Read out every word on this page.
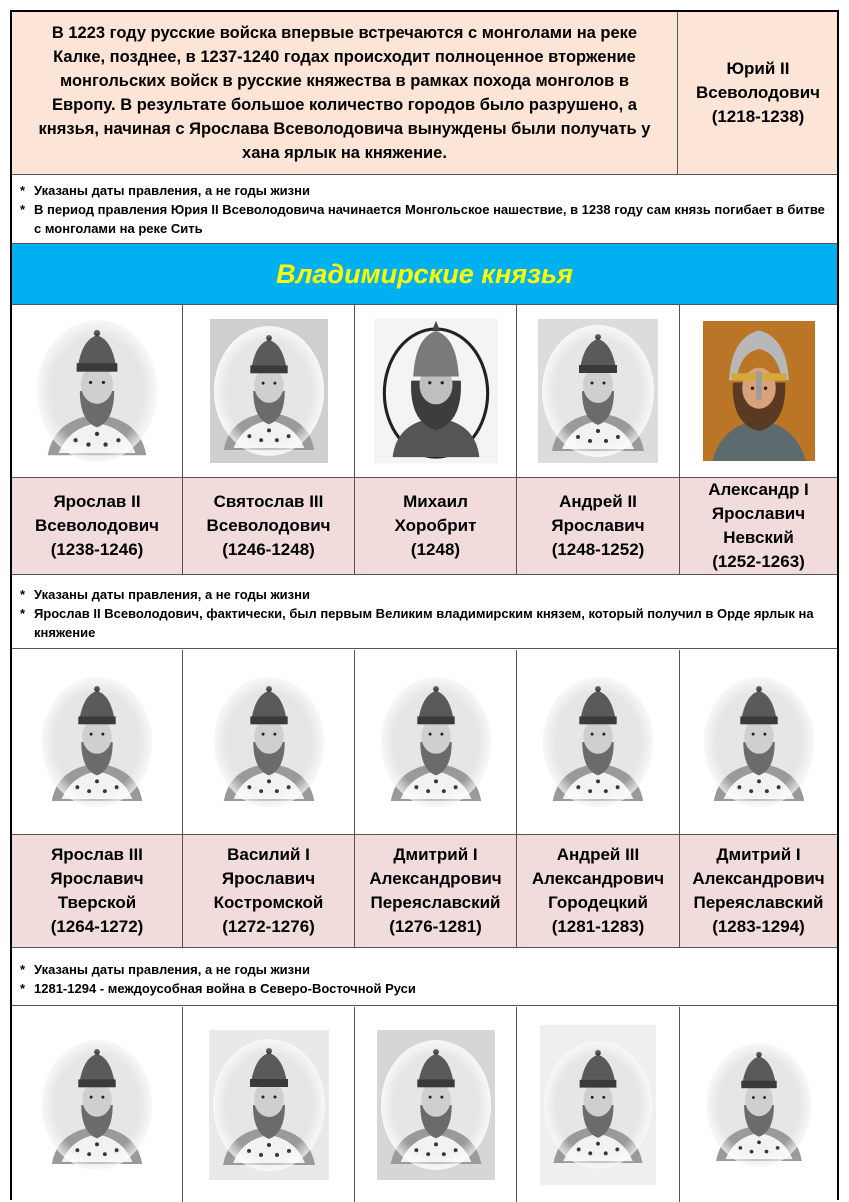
В 1223 году русские войска впервые встречаются с монголами на реке Калке, позднее, в 1237-1240 годах происходит полноценное вторжение монгольских войск в русские княжества в рамках похода монголов в Европу. В результате большое количество городов было разрушено, а князья, начиная с Ярослава Всеволодовича вынуждены были получать у хана ярлык на княжение.
Юрий II
Всеволодович
(1218-1238)
* Указаны даты правления, а не годы жизни
* В период правления Юрия II Всеволодовича начинается Монгольское нашествие, в 1238 году сам князь погибает в битве с монголами на реке Сить
Владимирские князья
Ярослав II
Всеволодович
(1238-1246)
Святослав III
Всеволодович
(1246-1248)
Михаил
Хоробрит
(1248)
Андрей II
Ярославич
(1248-1252)
Александр I
Ярославич
Невский
(1252-1263)
* Указаны даты правления, а не годы жизни
* Ярослав II Всеволодович, фактически, был первым Великим владимирским князем, который получил в Орде ярлык на княжение
Ярослав III
Ярославич
Тверской
(1264-1272)
Василий I
Ярославич
Костромской
(1272-1276)
Дмитрий I
Александрович
Переяславский
(1276-1281)
Андрей III
Александрович
Городецкий
(1281-1283)
Дмитрий I
Александрович
Переяславский
(1283-1294)
* Указаны даты правления, а не годы жизни
* 1281-1294 - междоусобная война в Северо-Восточной Руси
